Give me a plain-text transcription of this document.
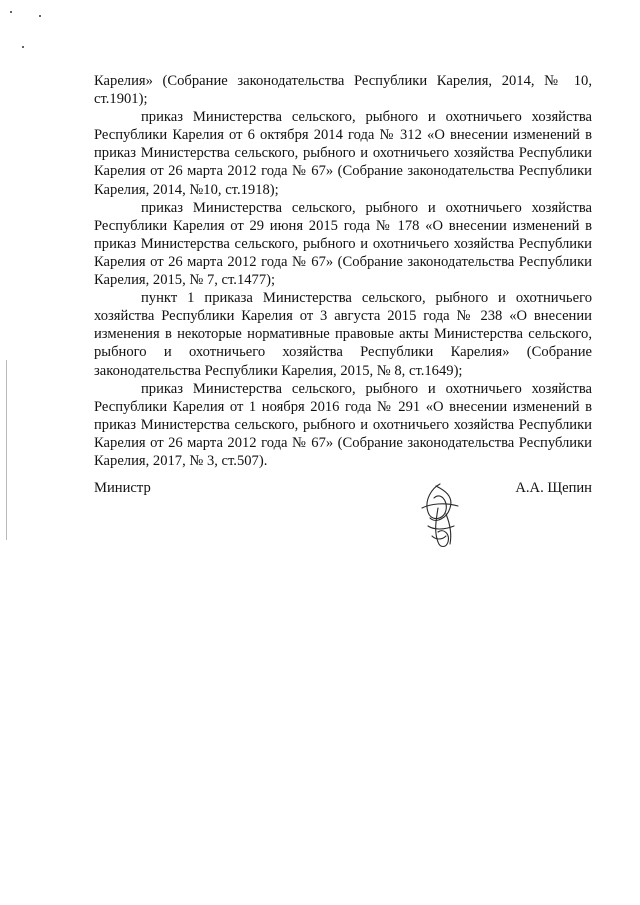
Карелия» (Собрание законодательства Республики Карелия, 2014, № 10, ст.1901);

приказ Министерства сельского, рыбного и охотничьего хозяйства Республики Карелия от 6 октября 2014 года № 312 «О внесении изменений в приказ Министерства сельского, рыбного и охотничьего хозяйства Республики Карелия от 26 марта 2012 года № 67» (Собрание законодательства Республики Карелия, 2014, №10, ст.1918);

приказ Министерства сельского, рыбного и охотничьего хозяйства Республики Карелия от 29 июня 2015 года № 178 «О внесении изменений в приказ Министерства сельского, рыбного и охотничьего хозяйства Республики Карелия от 26 марта 2012 года № 67» (Собрание законодательства Республики Карелия, 2015, № 7, ст.1477);

пункт 1 приказа Министерства сельского, рыбного и охотничьего хозяйства Республики Карелия от 3 августа 2015 года № 238 «О внесении изменения в некоторые нормативные правовые акты Министерства сельского, рыбного и охотничьего хозяйства Республики Карелия» (Собрание законодательства Республики Карелия, 2015, № 8, ст.1649);

приказ Министерства сельского, рыбного и охотничьего хозяйства Республики Карелия от 1 ноября 2016 года № 291 «О внесении изменений в приказ Министерства сельского, рыбного и охотничьего хозяйства Республики Карелия от 26 марта 2012 года № 67» (Собрание законодательства Республики Карелия, 2017, № 3, ст.507).

Министр	А.А. Щепин
